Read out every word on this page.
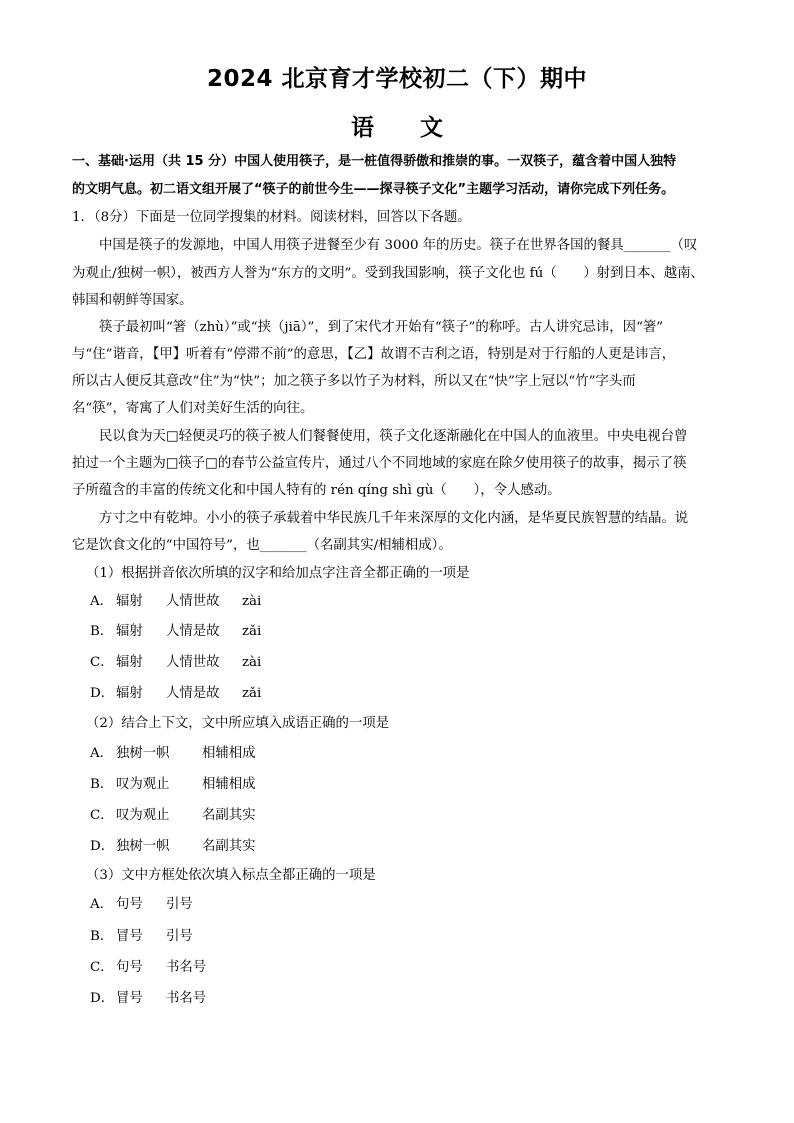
2024 北京育才学校初二（下）期中
语　　文
一、基础·运用（共 15 分）中国人使用筷子，是一桩值得骄傲和推崇的事。一双筷子，蕴含着中国人独特
的文明气息。初二语文组开展了“筷子的前世今生——探寻筷子文化”主题学习活动，请你完成下列任务。
1．（8分）下面是一位同学搜集的材料。阅读材料，回答以下各题。
中国是筷子的发源地，中国人用筷子进餐至少有 3000 年的历史。筷子在世界各国的餐具_______（叹
为观止/独树一帜），被西方人誉为“东方的文明”。受到我国影响，筷子文化也 fú（　　）射到日本、越南、
韩国和朝鲜等国家。
筷子最初叫“箸（zhù）”或“挟（jiā）”，到了宋代才开始有“筷子”的称呼。古人讲究忌讳，因“箸”
与“住”谐音，【甲】听着有“停滞不前”的意思，【乙】故谓不吉利之语，特别是对于行船的人更是讳言，
所以古人便反其意改“住”为“快”；加之筷子多以竹子为材料，所以又在“快”字上冠以“竹”字头而
名“筷”，寄寓了人们对美好生活的向往。
民以食为天□轻便灵巧的筷子被人们餐餐使用，筷子文化逐渐融化在中国人的血液里。中央电视台曾
拍过一个主题为□筷子□的春节公益宣传片，通过八个不同地域的家庭在除夕使用筷子的故事，揭示了筷
子所蕴含的丰富的传统文化和中国人特有的 rén qíng shì gù（　　），令人感动。
方寸之中有乾坤。小小的筷子承载着中华民族几千年来深厚的文化内涵，是华夏民族智慧的结晶。说
它是饮食文化的“中国符号”，也_______（名副其实/相辅相成）。
（1）根据拼音依次所填的汉字和给加点字注音全都正确的一项是
A． 辐射 人情世故 zài
B． 辐射 人情是故 zǎi
C． 辐射 人情世故 zài
D． 辐射 人情是故 zǎi
（2）结合上下文，文中所应填入成语正确的一项是
A． 独树一帜 相辅相成
B． 叹为观止 相辅相成
C． 叹为观止 名副其实
D． 独树一帜 名副其实
（3）文中方框处依次填入标点全都正确的一项是
A． 句号 引号
B． 冒号 引号
C． 句号 书名号
D． 冒号 书名号
